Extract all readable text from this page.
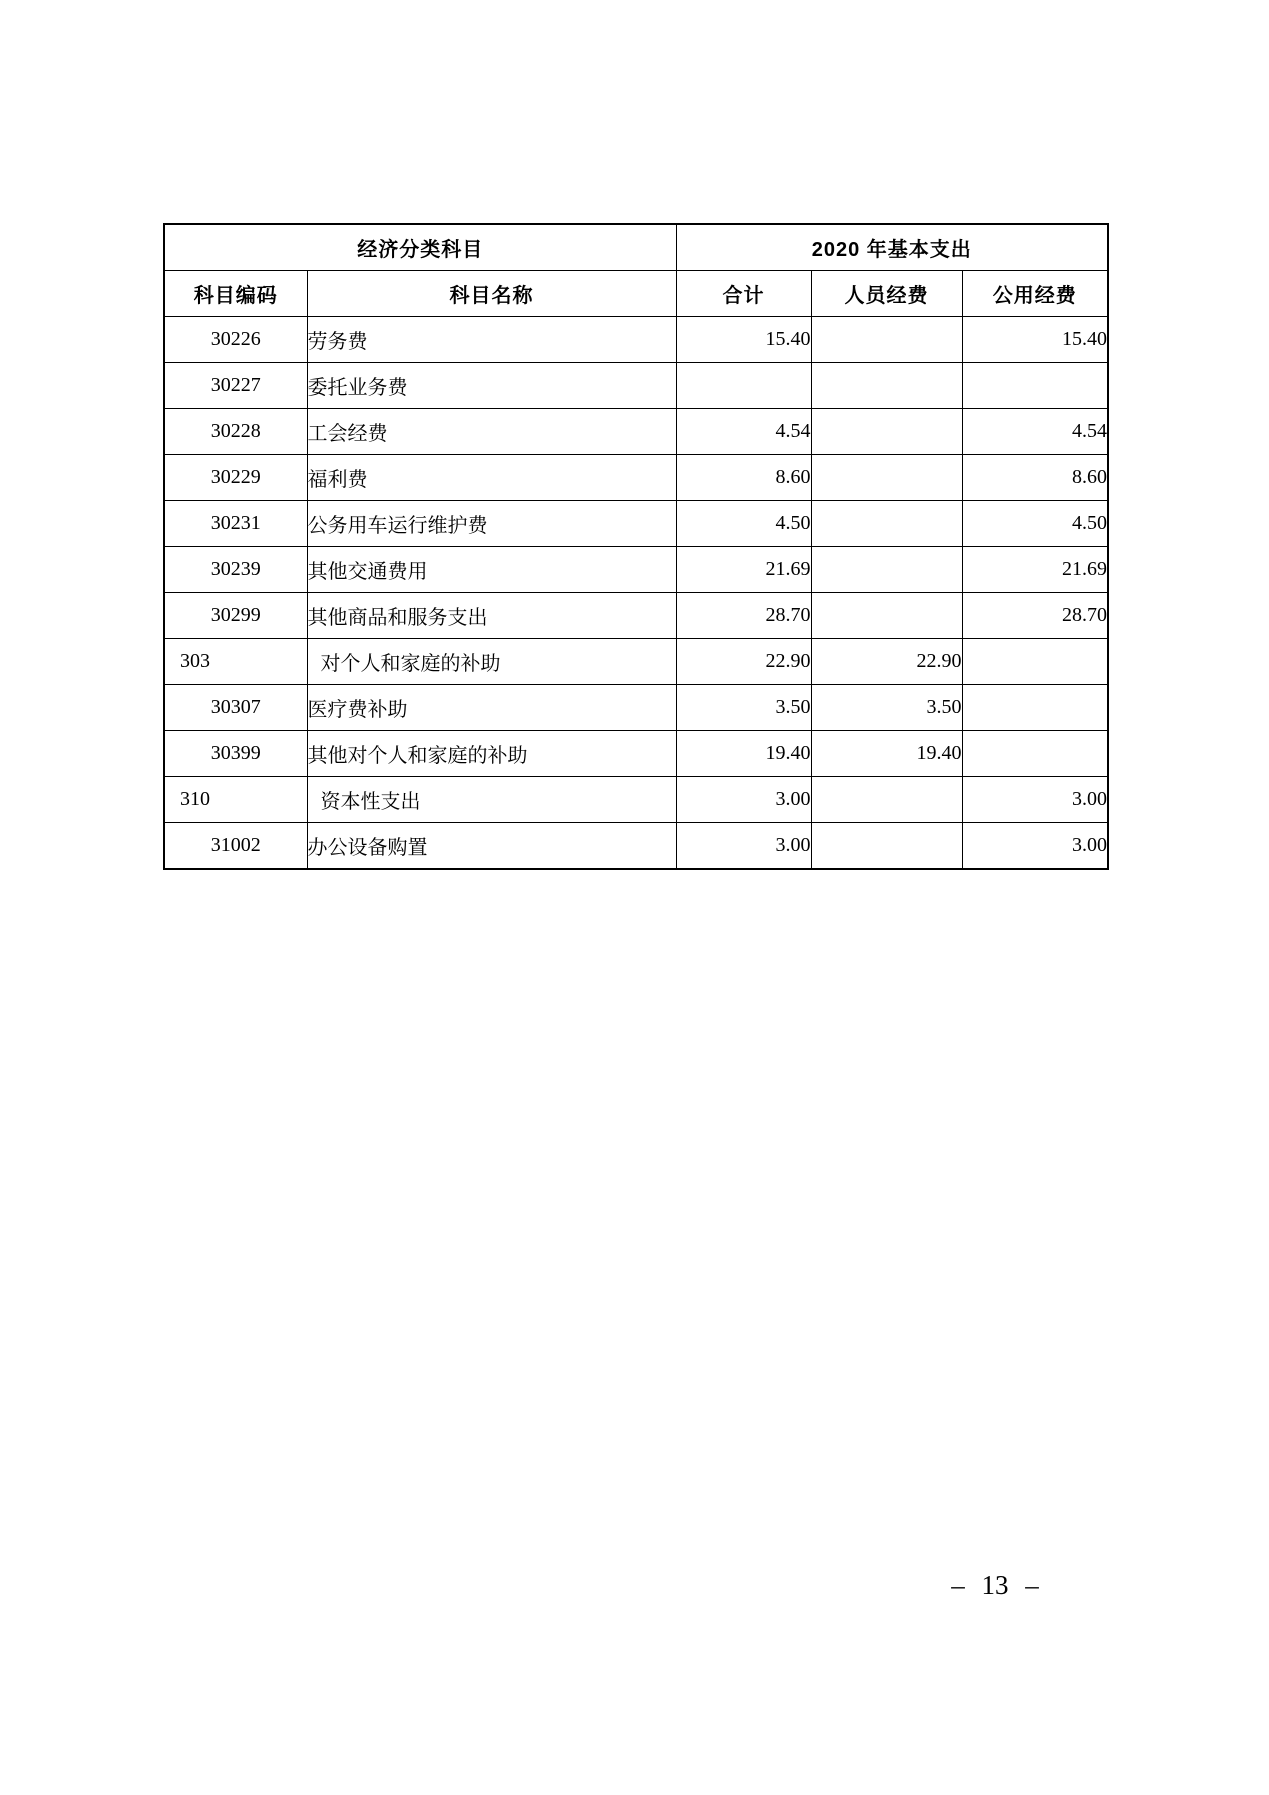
经济分类科目		2020 年基本支出		
科目编码	科目名称	合计	人员经费	公用经费
30226	劳务费	15.40		15.40
30227	委托业务费			
30228	工会经费	4.54		4.54
30229	福利费	8.60		8.60
30231	公务用车运行维护费	4.50		4.50
30239	其他交通费用	21.69		21.69
30299	其他商品和服务支出	28.70		28.70
303	对个人和家庭的补助	22.90	22.90	
30307	医疗费补助	3.50	3.50	
30399	其他对个人和家庭的补助	19.40	19.40	
310	资本性支出	3.00		3.00
31002	办公设备购置	3.00		3.00
– 13 –
